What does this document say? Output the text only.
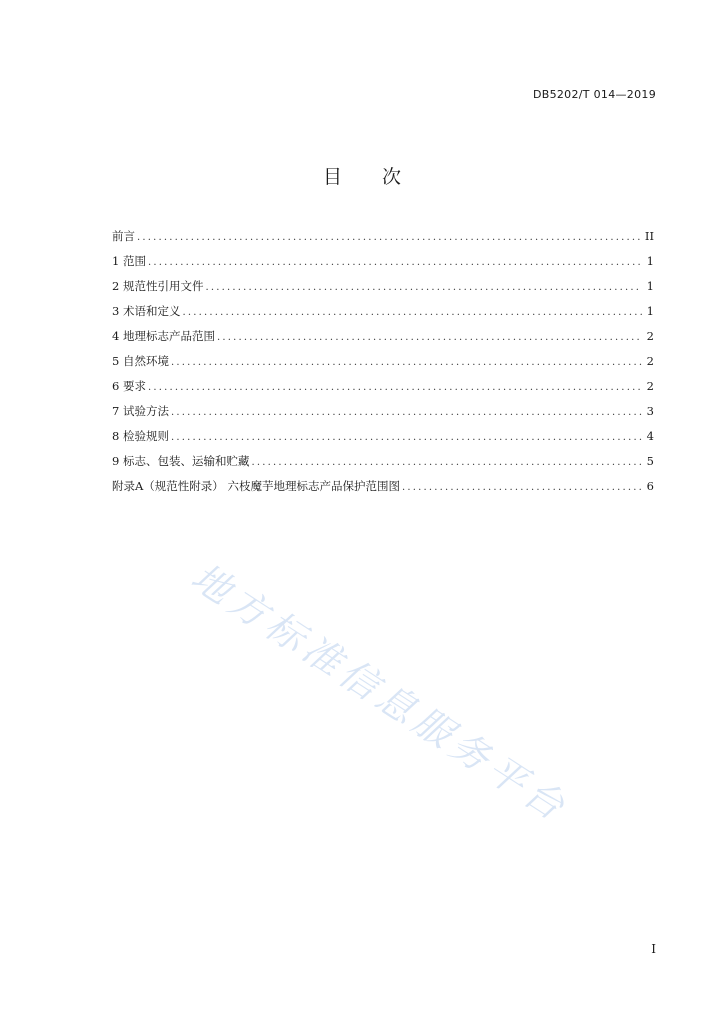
DB5202/T 014—2019
目 次
前言 .....	II
1 范围 .....	1
2 规范性引用文件 .....	1
3 术语和定义 .....	1
4 地理标志产品范围 .....	2
5 自然环境 .....	2
6 要求 .....	2
7 试验方法 .....	3
8 检验规则 .....	4
9 标志、包装、运输和贮藏 .....	5
附录A（规范性附录） 六枝魔芋地理标志产品保护范围图 .....	6
地方标准信息服务平台
I
